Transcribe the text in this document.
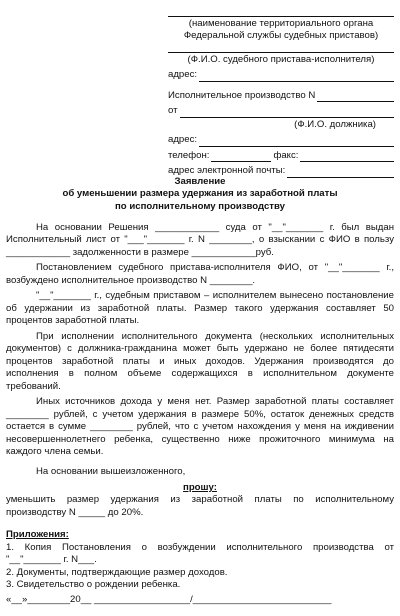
(наименование территориального органа Федеральной службы судебных приставов)
(Ф.И.О. судебного пристава-исполнителя)
адрес:
Исполнительное производство N
от
(Ф.И.О. должника)
адрес:
телефон:	факс:
адрес электронной почты:
Заявление
об уменьшении размера удержания из заработной платы
по исполнительному производству

На основании Решения ____________ суда от "__"_______ г. был выдан Исполнительный лист от "___"_______ г. N ________, о взыскании с ФИО в пользу ____________ задолженности в размере ____________руб.

Постановлением судебного пристава-исполнителя ФИО, от "__"_______ г., возбуждено исполнительное производство N ________.

"__"_______ г., судебным приставом – исполнителем вынесено постановление об удержании из заработной платы. Размер такого удержания составляет 50 процентов заработной платы.

При исполнении исполнительного документа (нескольких исполнительных документов) с должника-гражданина может быть удержано не более пятидесяти процентов заработной платы и иных доходов. Удержания производятся до исполнения в полном объеме содержащихся в исполнительном документе требований.

Иных источников дохода у меня нет. Размер заработной платы составляет ________ рублей, с учетом удержания в размере 50%, остаток денежных средств остается в сумме ________ рублей, что с учетом нахождения у меня на иждивении несовершеннолетнего ребенка, существенно ниже прожиточного минимума на каждого члена семьи.

На основании вышеизложенного,

прошу:

уменьшить размер удержания из заработной платы по исполнительному производству N _____ до 20%.

Приложения:
1. Копия Постановления о возбуждении исполнительного производства от "__"_______ г. N___.
2. Документы, подтверждающие размер доходов.
3. Свидетельство о рождении ребенка.
«__»________20__ __________________/__________________________
